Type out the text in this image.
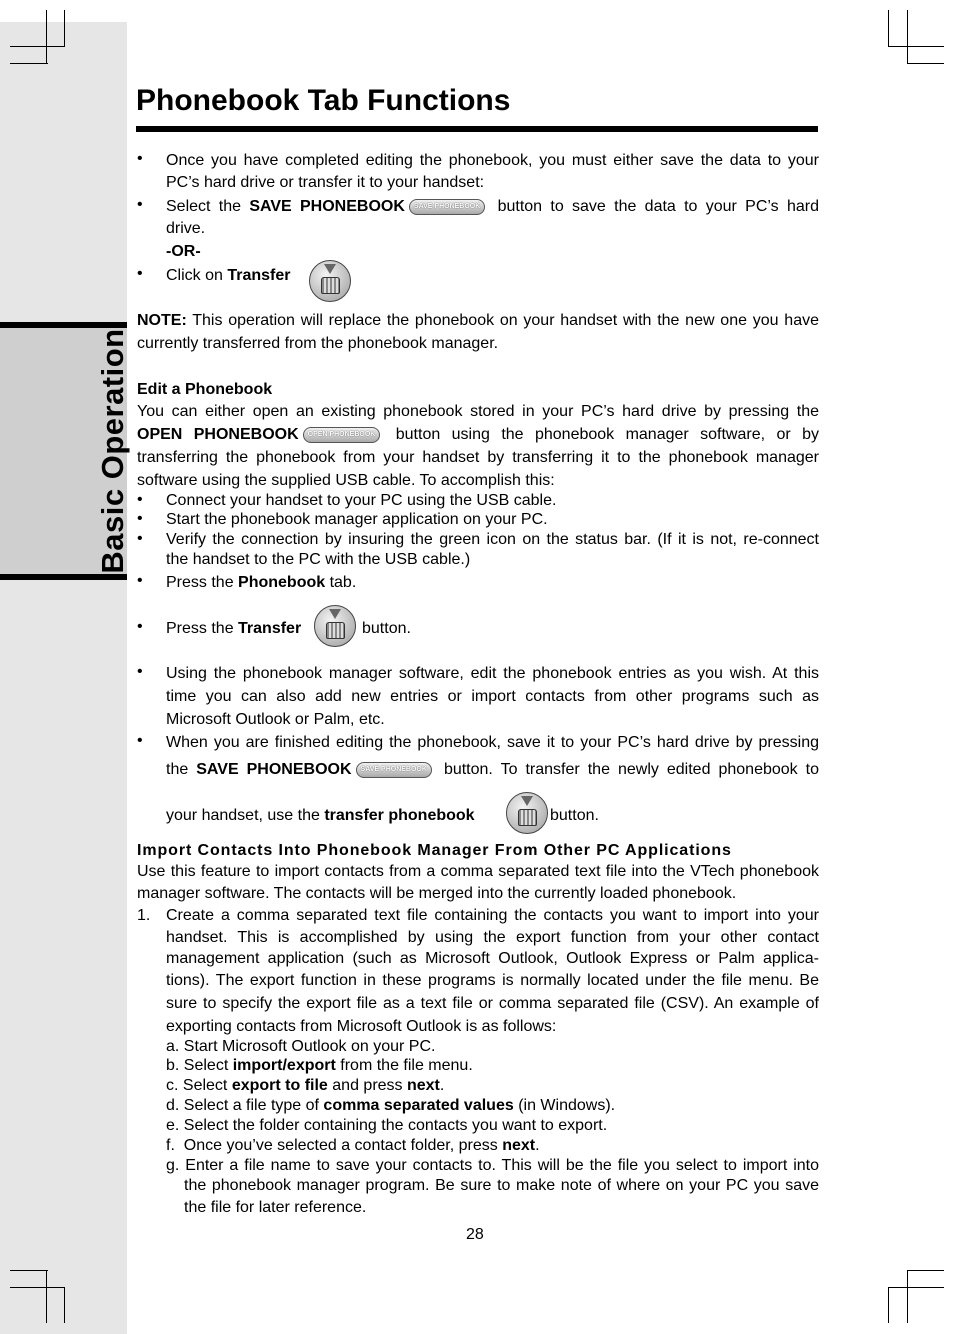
Basic Operation
Phonebook Tab Functions
• Once you have completed editing the phonebook, you must either save the data to your
PC’s hard drive or transfer it to your handset:
• Select the SAVE PHONEBOOK SAVE PHONEBOOK button to save the data to your PC’s hard
drive.
-OR-
• Click on Transfer
NOTE: This operation will replace the phonebook on your handset with the new one you have
currently transferred from the phonebook manager.
Edit a Phonebook
You can either open an existing phonebook stored in your PC’s hard drive by pressing the
OPEN PHONEBOOK OPEN PHONEBOOK button using the phonebook manager software, or by
transferring the phonebook from your handset by transferring it to the phonebook manager
software using the supplied USB cable. To accomplish this:
• Connect your handset to your PC using the USB cable.
• Start the phonebook manager application on your PC.
• Verify the connection by insuring the green icon on the status bar. (If it is not, re-connect
the handset to the PC with the USB cable.)
• Press the Phonebook tab.
• Press the Transfer	button.
• Using the phonebook manager software, edit the phonebook entries as you wish. At this
time you can also add new entries or import contacts from other programs such as
Microsoft Outlook or Palm, etc.
• When you are finished editing the phonebook, save it to your PC’s hard drive by pressing
the SAVE PHONEBOOK SAVE PHONEBOOK button. To transfer the newly edited phonebook to
your handset, use the transfer phonebook	button.
Import Contacts Into Phonebook Manager From Other PC Applications
Use this feature to import contacts from a comma separated text file into the VTech phonebook
manager software. The contacts will be merged into the currently loaded phonebook.
1. Create a comma separated text file containing the contacts you want to import into your
handset. This is accomplished by using the export function from your other contact
management application (such as Microsoft Outlook, Outlook Express or Palm applica-
tions). The export function in these programs is normally located under the file menu. Be
sure to specify the export file as a text file or comma separated file (CSV). An example of
exporting contacts from Microsoft Outlook is as follows:
a. Start Microsoft Outlook on your PC.
b. Select import/export from the file menu.
c. Select export to file and press next.
d. Select a file type of comma separated values (in Windows).
e. Select the folder containing the contacts you want to export.
f.  Once you’ve selected a contact folder, press next.
g. Enter a file name to save your contacts to. This will be the file you select to import into
the phonebook manager program. Be sure to make note of where on your PC you save
the file for later reference.
28
